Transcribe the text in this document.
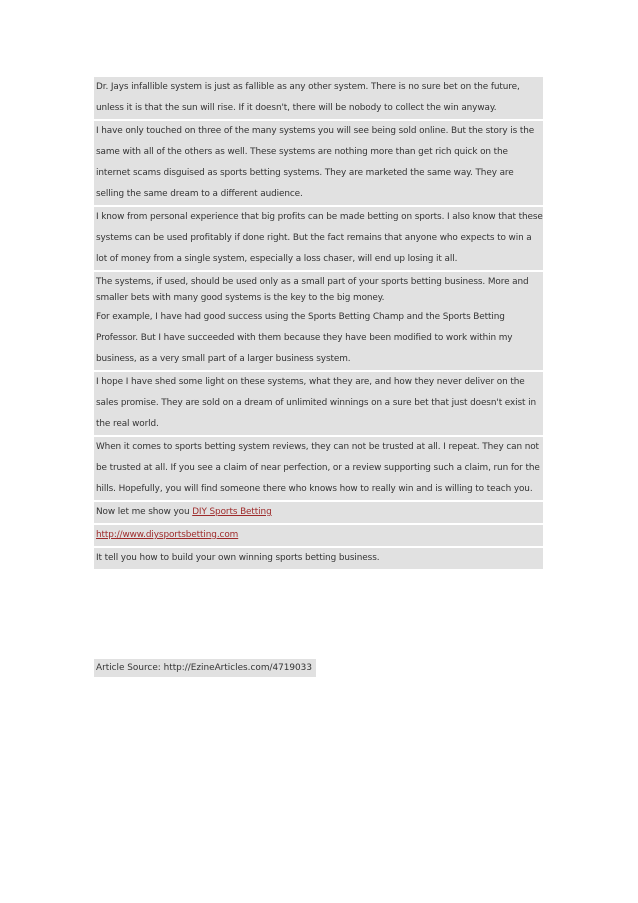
Dr. Jays infallible system is just as fallible as any other system. There is no sure bet on the future, unless it is that the sun will rise. If it doesn't, there will be nobody to collect the win anyway.

I have only touched on three of the many systems you will see being sold online. But the story is the same with all of the others as well. These systems are nothing more than get rich quick on the internet scams disguised as sports betting systems. They are marketed the same way. They are selling the same dream to a different audience.

I know from personal experience that big profits can be made betting on sports. I also know that these systems can be used profitably if done right. But the fact remains that anyone who expects to win a lot of money from a single system, especially a loss chaser, will end up losing it all.

The systems, if used, should be used only as a small part of your sports betting business. More and smaller bets with many good systems is the key to the big money.

For example, I have had good success using the Sports Betting Champ and the Sports Betting Professor. But I have succeeded with them because they have been modified to work within my business, as a very small part of a larger business system.

I hope I have shed some light on these systems, what they are, and how they never deliver on the sales promise. They are sold on a dream of unlimited winnings on a sure bet that just doesn't exist in the real world.

When it comes to sports betting system reviews, they can not be trusted at all. I repeat. They can not be trusted at all. If you see a claim of near perfection, or a review supporting such a claim, run for the hills. Hopefully, you will find someone there who knows how to really win and is willing to teach you.

Now let me show you DIY Sports Betting

http://www.diysportsbetting.com

It tell you how to build your own winning sports betting business.

Article Source: http://EzineArticles.com/4719033
